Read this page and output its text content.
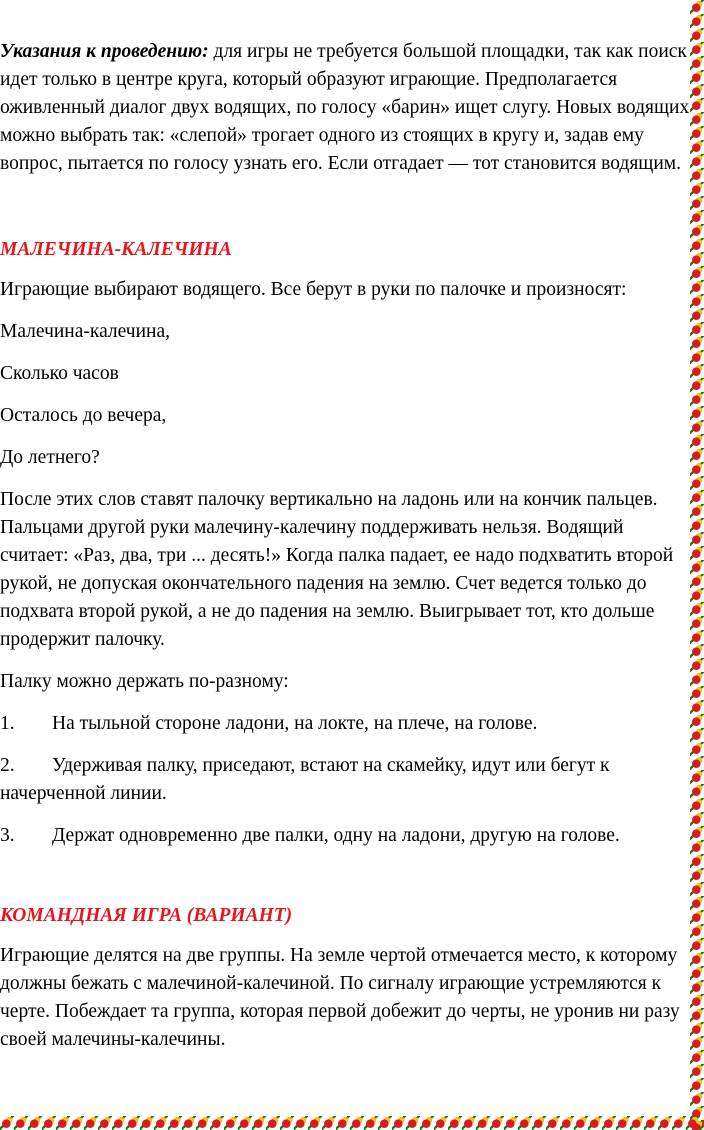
Указания к проведению: для игры не требуется большой площадки, так как поиск идет только в центре круга, который образуют играющие. Предполагается оживленный диалог двух водящих, по голосу «барин» ищет слугу. Новых водящих можно выбрать так: «слепой» трогает одного из стоящих в кругу и, задав ему вопрос, пытается по голосу узнать его. Если отгадает — тот становится водящим.

МАЛЕЧИНА-КАЛЕЧИНА

Играющие выбирают водящего. Все берут в руки по палочке и произносят:

Малечина-калечина,

Сколько часов

Осталось до вечера,

До летнего?

После этих слов ставят палочку вертикально на ладонь или на кончик пальцев. Пальцами другой руки малечину-калечину поддерживать нельзя. Водящий считает: «Раз, два, три ... десять!» Когда палка падает, ее надо подхватить второй рукой, не допуская окончательного падения на землю. Счет ведется только до подхвата второй рукой, а не до падения на землю. Выигрывает тот, кто дольше продержит палочку.

Палку можно держать по-разному:

1. На тыльной стороне ладони, на локте, на плече, на голове.

2. Удерживая палку, приседают, встают на скамейку, идут или бегут к начерченной линии.

3. Держат одновременно две палки, одну на ладони, другую на голове.

КОМАНДНАЯ ИГРА (ВАРИАНТ)

Играющие делятся на две группы. На земле чертой отмечается место, к которому должны бежать с малечиной-калечиной. По сигналу играющие устремляются к черте. Побеждает та группа, которая первой добежит до черты, не уронив ни разу своей малечины-калечины.
